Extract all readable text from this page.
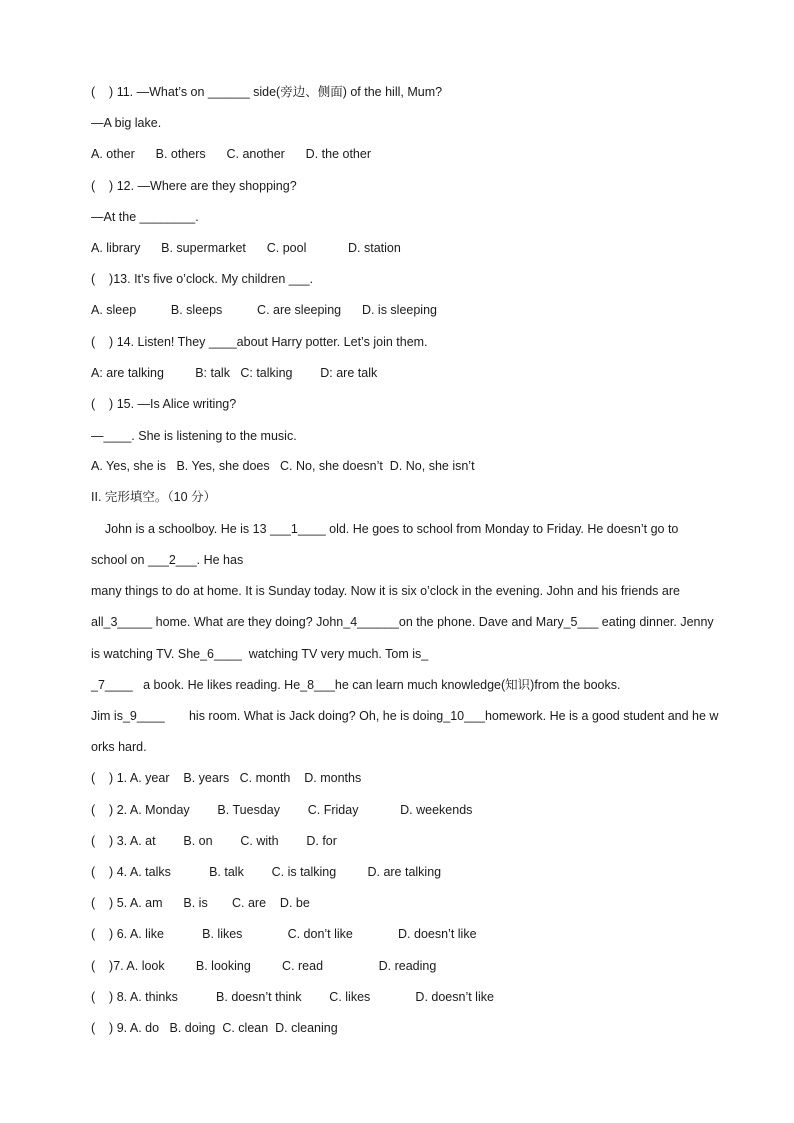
(    ) 11. —What’s on ______ side(旁边、侧面) of the hill, Mum?
—A big lake.
A. other      B. others      C. another      D. the other
(    ) 12. —Where are they shopping?
—At the ________.
A. library      B. supermarket      C. pool            D. station
(    )13. It’s five o’clock. My children ___.
A. sleep          B. sleeps          C. are sleeping      D. is sleeping
(    ) 14. Listen! They ____about Harry potter. Let’s join them.
A: are talking         B: talk   C: talking        D: are talk
(    ) 15. —Is Alice writing?
—____. She is listening to the music.
A. Yes, she is   B. Yes, she does   C. No, she doesn’t  D. No, she isn’t
II. 完形填空。（10 分）
John is a schoolboy. He is 13 ___1____ old. He goes to school from Monday to Friday. He doesn’t go to
school on ___2___. He has
many things to do at home. It is Sunday today. Now it is six o’clock in the evening. John and his friends are
all_3_____ home. What are they doing? John_4______on the phone. Dave and Mary_5___ eating dinner. Jenny
is watching TV. She_6____  watching TV very much. Tom is_
_7____   a book. He likes reading. He_8___he can learn much knowledge(知识)from the books.
Jim is_9____       his room. What is Jack doing? Oh, he is doing_10___homework. He is a good student and he w
orks hard.
(    ) 1. A. year    B. years   C. month    D. months
(    ) 2. A. Monday        B. Tuesday        C. Friday            D. weekends
(    ) 3. A. at        B. on        C. with        D. for
(    ) 4. A. talks           B. talk        C. is talking         D. are talking
(    ) 5. A. am      B. is       C. are    D. be
(    ) 6. A. like           B. likes             C. don’t like             D. doesn’t like
(    )7. A. look         B. looking         C. read                D. reading
(    ) 8. A. thinks           B. doesn’t think        C. likes             D. doesn’t like
(    ) 9. A. do   B. doing  C. clean  D. cleaning
